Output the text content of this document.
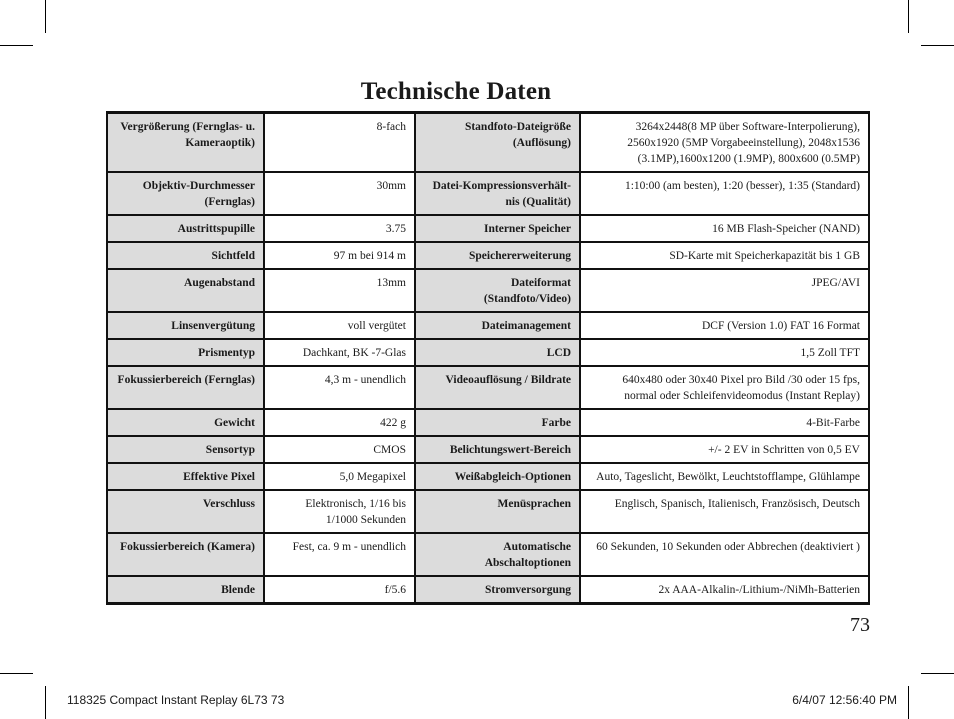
Technische Daten
Vergrößerung (Fernglas- u. Kameraoptik)	8-fach	Standfoto-Dateigröße (Auflösung)	3264x2448(8 MP über Software-Interpolierung), 2560x1920 (5MP Vorgabeeinstellung), 2048x1536 (3.1MP),1600x1200 (1.9MP), 800x600 (0.5MP)
Objektiv-Durchmesser (Fernglas)	30mm	Datei-Kompressionsverhält-nis (Qualität)	1:10:00 (am besten), 1:20 (besser), 1:35 (Standard)
Austrittspupille	3.75	Interner Speicher	16 MB Flash-Speicher (NAND)
Sichtfeld	97 m bei 914 m	Speichererweiterung	SD-Karte mit Speicherkapazität bis 1 GB
Augenabstand	13mm	Dateiformat (Standfoto/Video)	JPEG/AVI
Linsenvergütung	voll vergütet	Dateimanagement	DCF (Version 1.0) FAT 16 Format
Prismentyp	Dachkant, BK -7-Glas	LCD	1,5 Zoll TFT
Fokussierbereich (Fernglas)	4,3 m - unendlich	Videoauflösung / Bildrate	640x480 oder 30x40 Pixel pro Bild /30 oder 15 fps, normal oder Schleifenvideomodus (Instant Replay)
Gewicht	422 g	Farbe	4-Bit-Farbe
Sensortyp	CMOS	Belichtungswert-Bereich	+/- 2 EV in Schritten von 0,5 EV
Effektive Pixel	5,0 Megapixel	Weißabgleich-Optionen	Auto, Tageslicht, Bewölkt, Leuchtstofflampe, Glühlampe
Verschluss	Elektronisch, 1/16 bis 1/1000 Sekunden	Menüsprachen	Englisch, Spanisch, Italienisch, Französisch, Deutsch
Fokussierbereich (Kamera)	Fest, ca. 9 m - unendlich	Automatische Abschaltoptionen	60 Sekunden, 10 Sekunden oder Abbrechen (deaktiviert )
Blende	f/5.6	Stromversorgung	2x AAA-Alkalin-/Lithium-/NiMh-Batterien
73
118325 Compact Instant Replay 6L73 73	6/4/07 12:56:40 PM
